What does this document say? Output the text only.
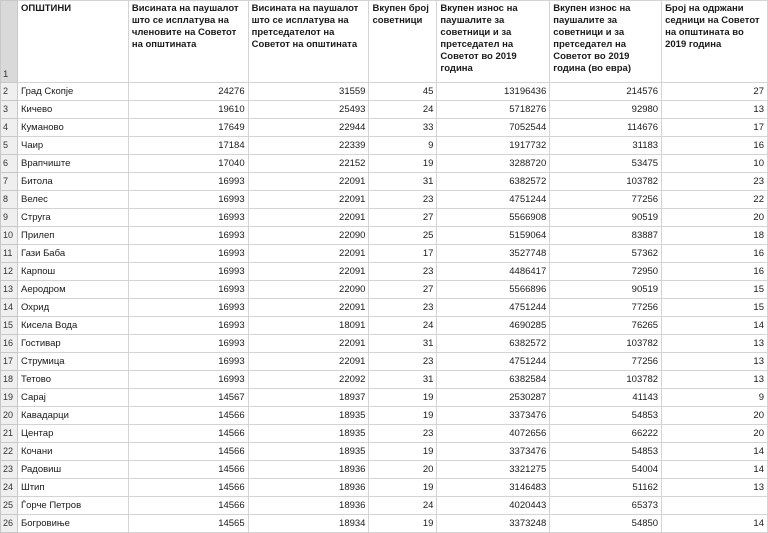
1	ОПШТИНИ	Висината на паушалот што се исплатува на членовите на Советот на општината	Висината на паушалот што се исплатува на претседателот на Советот на општината	Вкупен број советници	Вкупен износ на паушалите за советници и за претседател на Советот во 2019 година	Вкупен износ на паушалите за советници и за претседател на Советот во 2019 година (во евра)	Број на одржани седници на Советот на општината во 2019 година
2	Град Скопје	24276	31559	45	13196436	214576	27
3	Кичево	19610	25493	24	5718276	92980	13
4	Куманово	17649	22944	33	7052544	114676	17
5	Чаир	17184	22339	9	1917732	31183	16
6	Врапчиште	17040	22152	19	3288720	53475	10
7	Битола	16993	22091	31	6382572	103782	23
8	Велес	16993	22091	23	4751244	77256	22
9	Струга	16993	22091	27	5566908	90519	20
10	Прилеп	16993	22090	25	5159064	83887	18
11	Гази Баба	16993	22091	17	3527748	57362	16
12	Карпош	16993	22091	23	4486417	72950	16
13	Аеродром	16993	22090	27	5566896	90519	15
14	Охрид	16993	22091	23	4751244	77256	15
15	Кисела Вода	16993	18091	24	4690285	76265	14
16	Гостивар	16993	22091	31	6382572	103782	13
17	Струмица	16993	22091	23	4751244	77256	13
18	Тетово	16993	22092	31	6382584	103782	13
19	Сарај	14567	18937	19	2530287	41143	9
20	Кавадарци	14566	18935	19	3373476	54853	20
21	Центар	14566	18935	23	4072656	66222	20
22	Кочани	14566	18935	19	3373476	54853	14
23	Радовиш	14566	18936	20	3321275	54004	14
24	Штип	14566	18936	19	3146483	51162	13
25	Ѓорче Петров	14566	18936	24	4020443	65373	
26	Богровиње	14565	18934	19	3373248	54850	14
